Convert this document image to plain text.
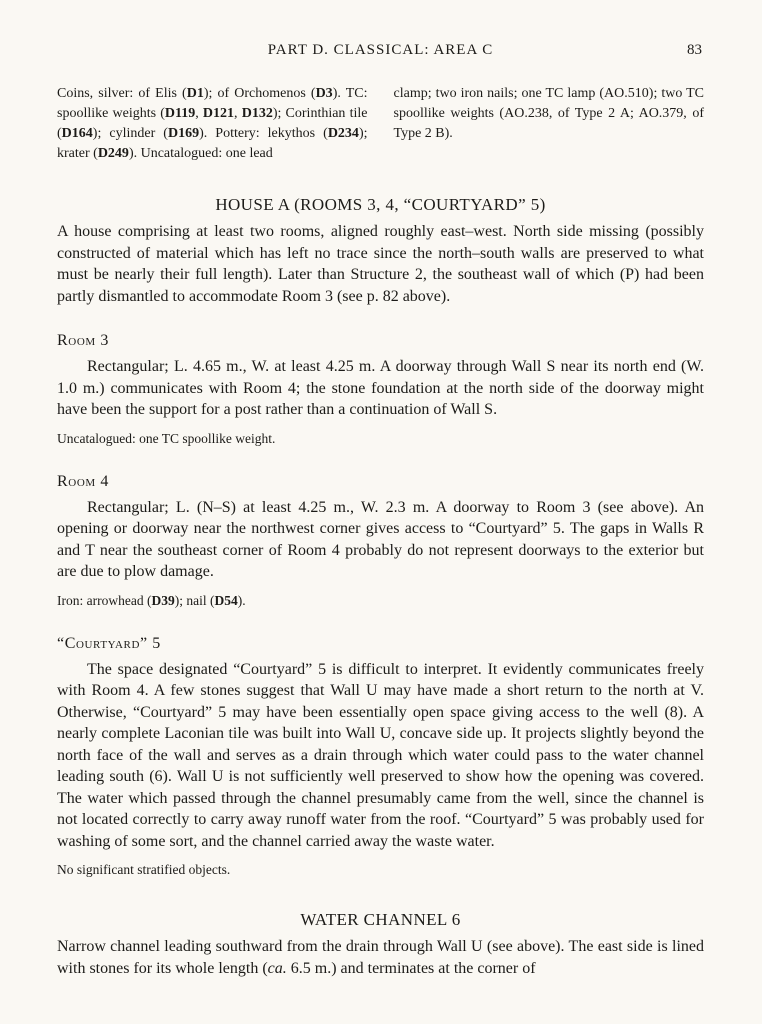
PART D. CLASSICAL: AREA C	83

Coins, silver: of Elis (D1); of Orchomenos (D3). TC: spoollike weights (D119, D121, D132); Corinthian tile (D164); cylinder (D169). Pottery: lekythos (D234); krater (D249). Uncatalogued: one lead

clamp; two iron nails; one TC lamp (AO.510); two TC spoollike weights (AO.238, of Type 2 A; AO.379, of Type 2 B).

HOUSE A (ROOMS 3, 4, “COURTYARD” 5)

A house comprising at least two rooms, aligned roughly east–west. North side missing (possibly constructed of material which has left no trace since the north–south walls are preserved to what must be nearly their full length). Later than Structure 2, the southeast wall of which (P) had been partly dismantled to accommodate Room 3 (see p. 82 above).

Room 3

Rectangular; L. 4.65 m., W. at least 4.25 m. A doorway through Wall S near its north end (W. 1.0 m.) communicates with Room 4; the stone foundation at the north side of the doorway might have been the support for a post rather than a continuation of Wall S.

Uncatalogued: one TC spoollike weight.

Room 4

Rectangular; L. (N–S) at least 4.25 m., W. 2.3 m. A doorway to Room 3 (see above). An opening or doorway near the northwest corner gives access to “Courtyard” 5. The gaps in Walls R and T near the southeast corner of Room 4 probably do not represent doorways to the exterior but are due to plow damage.

Iron: arrowhead (D39); nail (D54).

“Courtyard” 5

The space designated “Courtyard” 5 is difficult to interpret. It evidently communicates freely with Room 4. A few stones suggest that Wall U may have made a short return to the north at V. Otherwise, “Courtyard” 5 may have been essentially open space giving access to the well (8). A nearly complete Laconian tile was built into Wall U, concave side up. It projects slightly beyond the north face of the wall and serves as a drain through which water could pass to the water channel leading south (6). Wall U is not sufficiently well preserved to show how the opening was covered. The water which passed through the channel presumably came from the well, since the channel is not located correctly to carry away runoff water from the roof. “Courtyard” 5 was probably used for washing of some sort, and the channel carried away the waste water.

No significant stratified objects.

WATER CHANNEL 6

Narrow channel leading southward from the drain through Wall U (see above). The east side is lined with stones for its whole length (ca. 6.5 m.) and terminates at the corner of
